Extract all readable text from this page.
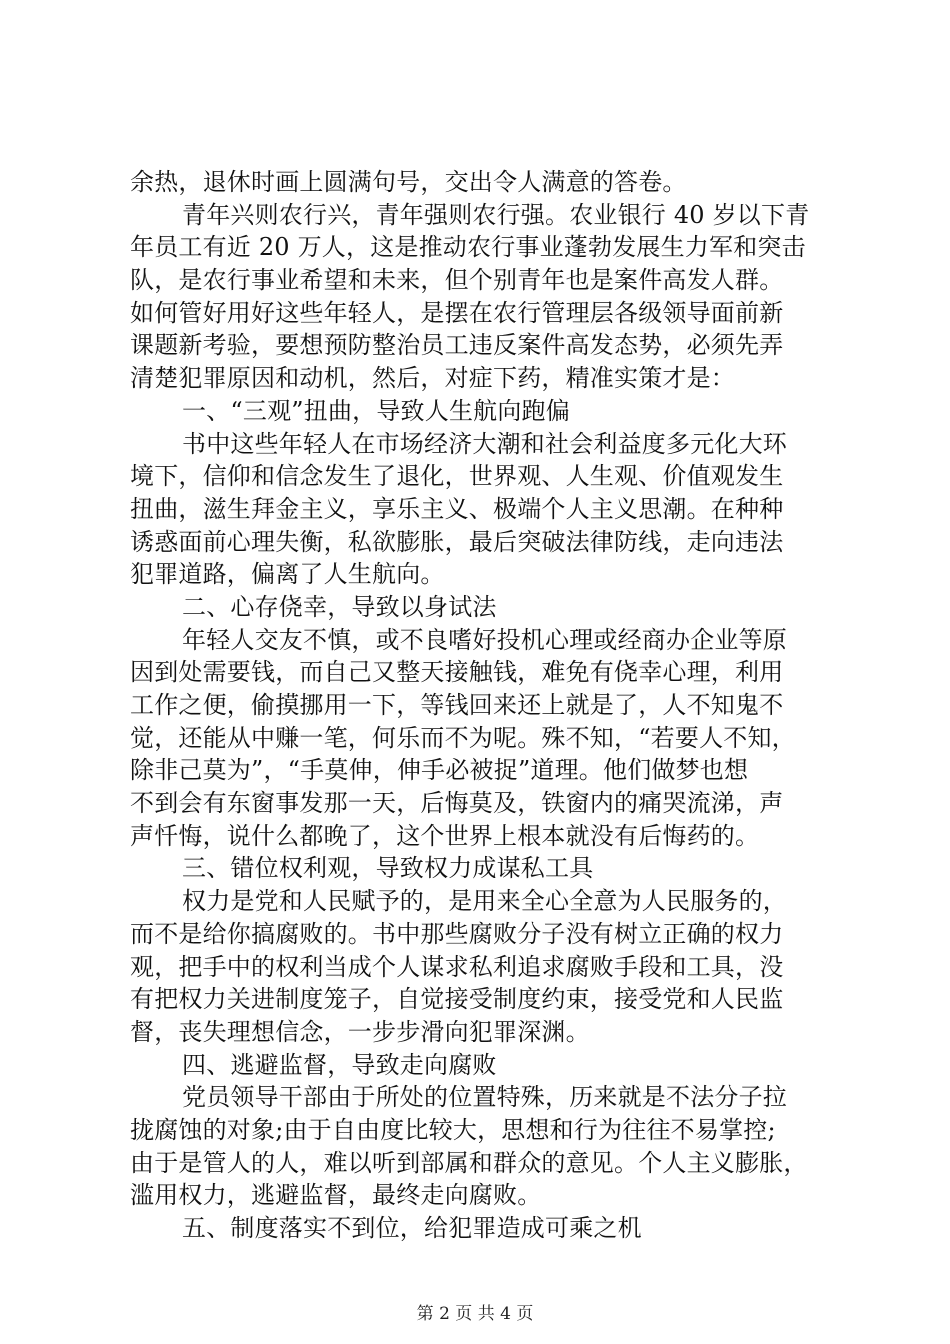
余热，退休时画上圆满句号，交出令人满意的答卷。
青年兴则农行兴，青年强则农行强。农业银行 40 岁以下青
年员工有近 20 万人，这是推动农行事业蓬勃发展生力军和突击
队，是农行事业希望和未来，但个别青年也是案件高发人群。
如何管好用好这些年轻人，是摆在农行管理层各级领导面前新
课题新考验，要想预防整治员工违反案件高发态势，必须先弄
清楚犯罪原因和动机，然后，对症下药，精准实策才是：
一、“三观”扭曲，导致人生航向跑偏
书中这些年轻人在市场经济大潮和社会利益度多元化大环
境下，信仰和信念发生了退化，世界观、人生观、价值观发生
扭曲，滋生拜金主义，享乐主义、极端个人主义思潮。在种种
诱惑面前心理失衡，私欲膨胀，最后突破法律防线，走向违法
犯罪道路，偏离了人生航向。
二、心存侥幸，导致以身试法
年轻人交友不慎，或不良嗜好投机心理或经商办企业等原
因到处需要钱，而自己又整天接触钱，难免有侥幸心理，利用
工作之便，偷摸挪用一下，等钱回来还上就是了，人不知鬼不
觉，还能从中赚一笔，何乐而不为呢。殊不知，“若要人不知，
除非己莫为”，“手莫伸，伸手必被捉”道理。他们做梦也想
不到会有东窗事发那一天，后悔莫及，铁窗内的痛哭流涕，声
声忏悔，说什么都晚了，这个世界上根本就没有后悔药的。
三、错位权利观，导致权力成谋私工具
权力是党和人民赋予的，是用来全心全意为人民服务的，
而不是给你搞腐败的。书中那些腐败分子没有树立正确的权力
观，把手中的权利当成个人谋求私利追求腐败手段和工具，没
有把权力关进制度笼子，自觉接受制度约束，接受党和人民监
督，丧失理想信念，一步步滑向犯罪深渊。
四、逃避监督，导致走向腐败
党员领导干部由于所处的位置特殊，历来就是不法分子拉
拢腐蚀的对象;由于自由度比较大，思想和行为往往不易掌控;
由于是管人的人，难以听到部属和群众的意见。个人主义膨胀，
滥用权力，逃避监督，最终走向腐败。
五、制度落实不到位，给犯罪造成可乘之机
第 2 页 共 4 页
